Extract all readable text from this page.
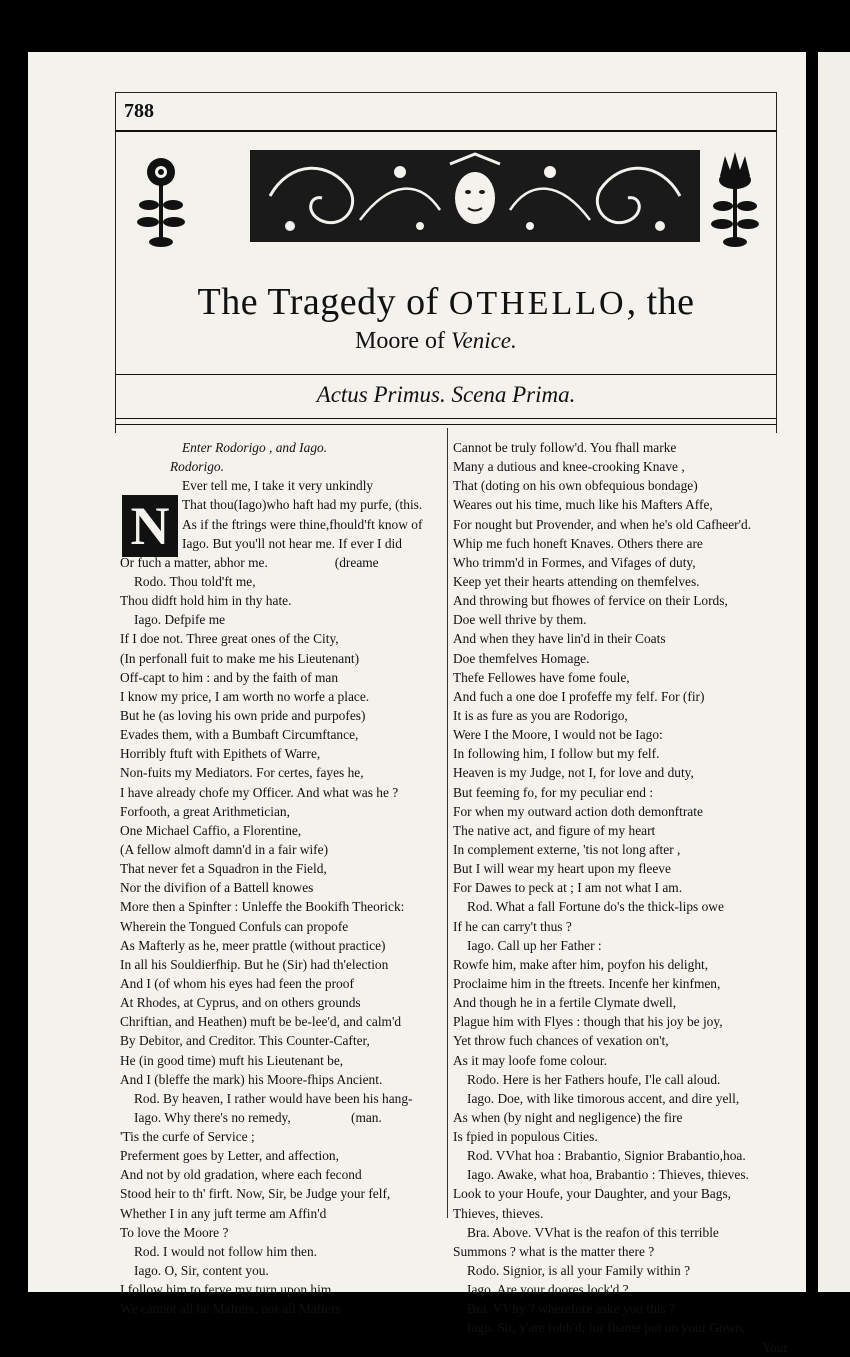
788
The Tragedy of OTHELLO, the
Moore of Venice.
Actus Primus. Scena Prima.
N
Enter Rodorigo , and Iago.
Rodorigo.
Ever tell me, I take it very unkindly
That thou(Iago)who haft had my purfe, (this.
As if the ftrings were thine,fhould'ft know of
Iago. But you'll not hear me. If ever I did
Or fuch a matter, abhor me.                    (dreame
Rodo. Thou told'ft me,
Thou didft hold him in thy hate.
Iago. Defpife me
If I doe not. Three great ones of the City,
(In perfonall fuit to make me his Lieutenant)
Off-capt to him : and by the faith of man
I know my price, I am worth no worfe a place.
But he (as loving his own pride and purpofes)
Evades them, with a Bumbaft Circumftance,
Horribly ftuft with Epithets of Warre,
Non-fuits my Mediators. For certes, fayes he,
I have already chofe my Officer. And what was he ?
Forfooth, a great Arithmetician,
One Michael Caffio, a Florentine,
(A fellow almoft damn'd in a fair wife)
That never fet a Squadron in the Field,
Nor the divifion of a Battell knowes
More then a Spinfter : Unleffe the Bookifh Theorick:
Wherein the Tongued Confuls can propofe
As Mafterly as he, meer prattle (without practice)
In all his Souldierfhip. But he (Sir) had th'election
And I (of whom his eyes had feen the proof
At Rhodes, at Cyprus, and on others grounds
Chriftian, and Heathen) muft be be-lee'd, and calm'd
By Debitor, and Creditor. This Counter-Cafter,
He (in good time) muft his Lieutenant be,
And I (bleffe the mark) his Moore-fhips Ancient.
Rod. By heaven, I rather would have been his hang-
Iago. Why there's no remedy,                  (man.
'Tis the curfe of Service ;
Preferment goes by Letter, and affection,
And not by old gradation, where each fecond
Stood heir to th' firft. Now, Sir, be Judge your felf,
Whether I in any juft terme am Affin'd
To love the Moore ?
Rod. I would not follow him then.
Iago. O, Sir, content you.
I follow him to ferve my turn upon him.
We cannot all be Mafters, nor all Mafters
Cannot be truly follow'd. You fhall marke
Many a dutious and knee-crooking Knave ,
That (doting on his own obfequious bondage)
Weares out his time, much like his Mafters Affe,
For nought but Provender, and when he's old Cafheer'd.
Whip me fuch honeft Knaves. Others there are
Who trimm'd in Formes, and Vifages of duty,
Keep yet their hearts attending on themfelves.
And throwing but fhowes of fervice on their Lords,
Doe well thrive by them.
And when they have lin'd in their Coats
Doe themfelves Homage.
Thefe Fellowes have fome foule,
And fuch a one doe I profeffe my felf. For (fir)
It is as fure as you are Rodorigo,
Were I the Moore, I would not be Iago:
In following him, I follow but my felf.
Heaven is my Judge, not I, for love and duty,
But feeming fo, for my peculiar end :
For when my outward action doth demonftrate
The native act, and figure of my heart
In complement externe, 'tis not long after ,
But I will wear my heart upon my fleeve
For Dawes to peck at ; I am not what I am.
Rod. What a fall Fortune do's the thick-lips owe
If he can carry't thus ?
Iago. Call up her Father :
Rowfe him, make after him, poyfon his delight,
Proclaime him in the ftreets. Incenfe her kinfmen,
And though he in a fertile Clymate dwell,
Plague him with Flyes : though that his joy be joy,
Yet throw fuch chances of vexation on't,
As it may loofe fome colour.
Rodo. Here is her Fathers houfe, I'le call aloud.
Iago. Doe, with like timorous accent, and dire yell,
As when (by night and negligence) the fire
Is fpied in populous Cities.
Rod. VVhat hoa : Brabantio, Signior Brabantio,hoa.
Iago. Awake, what hoa, Brabantio : Thieves, thieves.
Look to your Houfe, your Daughter, and your Bags,
Thieves, thieves.
Bra. Above. VVhat is the reafon of this terrible
Summons ? what is the matter there ?
Rodo. Signior, is all your Family within ?
Iago. Are your doores lock'd ?
Bra. VVhy ? wherefore aske you this ?
Iago. Sir, y'are robb'd, for fhame put on your Gown,
Your
